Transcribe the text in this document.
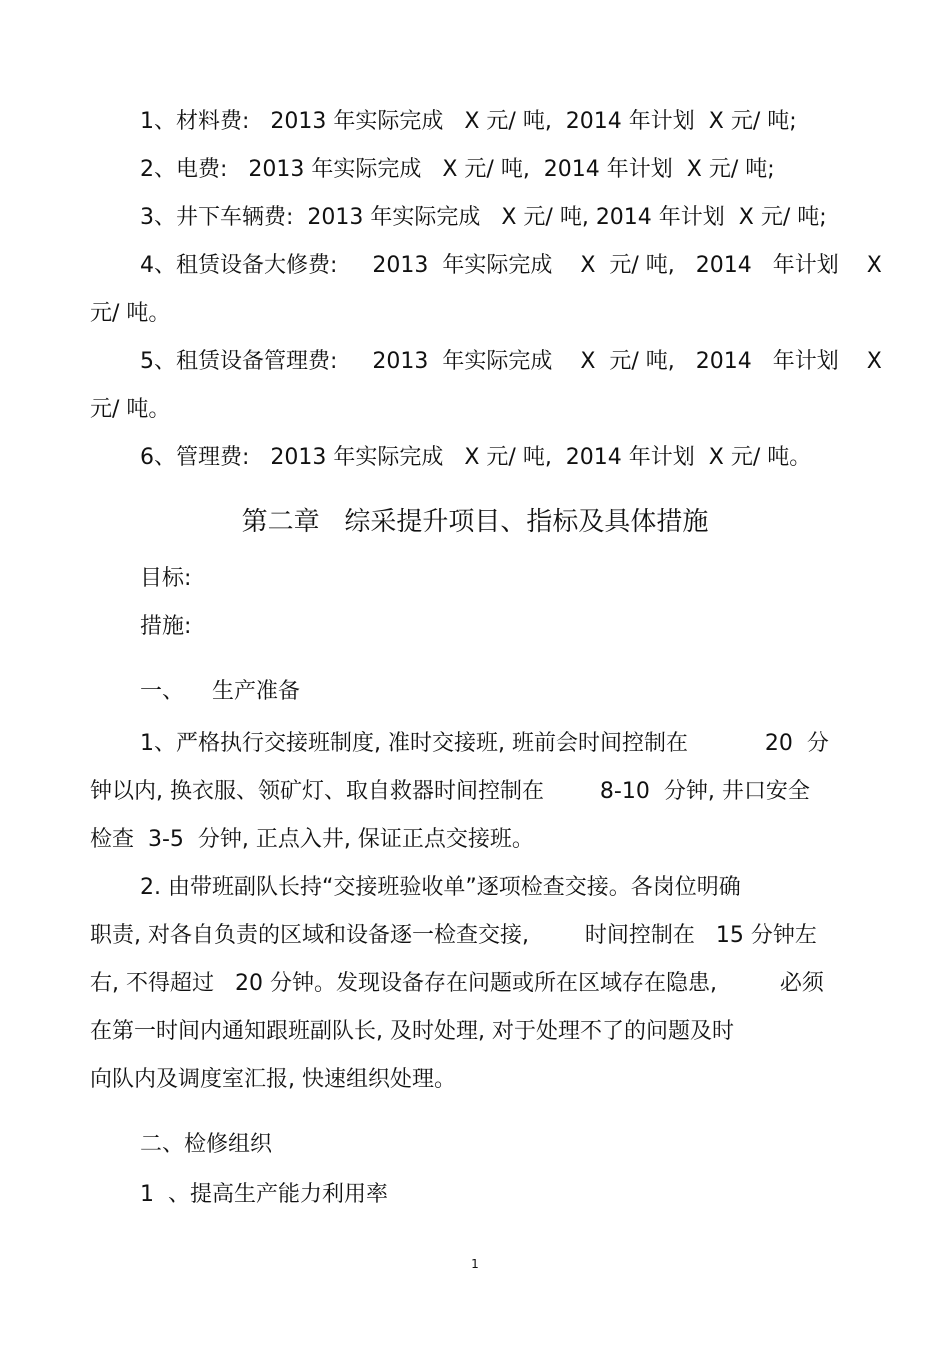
1、材料费:   2013 年实际完成   X 元/ 吨,  2014 年计划  X 元/ 吨;
2、电费:   2013 年实际完成   X 元/ 吨,  2014 年计划  X 元/ 吨;
3、井下车辆费:  2013 年实际完成   X 元/ 吨, 2014 年计划  X 元/ 吨;
4、租赁设备大修费:     2013  年实际完成    X  元/ 吨,   2014   年计划    X
元/ 吨。
5、租赁设备管理费:     2013  年实际完成    X  元/ 吨,   2014   年计划    X
元/ 吨。
6、管理费:   2013 年实际完成   X 元/ 吨,  2014 年计划  X 元/ 吨。
第二章   综采提升项目、指标及具体措施
目标:
措施:
一、    生产准备
1、严格执行交接班制度, 准时交接班, 班前会时间控制在           20  分
钟以内, 换衣服、领矿灯、取自救器时间控制在        8-10  分钟, 井口安全
检查  3-5  分钟, 正点入井, 保证正点交接班。
2. 由带班副队长持“交接班验收单”逐项检查交接。各岗位明确
职责, 对各自负责的区域和设备逐一检查交接,        时间控制在   15 分钟左
右, 不得超过   20 分钟。发现设备存在问题或所在区域存在隐患,         必须
在第一时间内通知跟班副队长, 及时处理, 对于处理不了的问题及时
向队内及调度室汇报, 快速组织处理。
二、检修组织
1  、提高生产能力利用率
1
